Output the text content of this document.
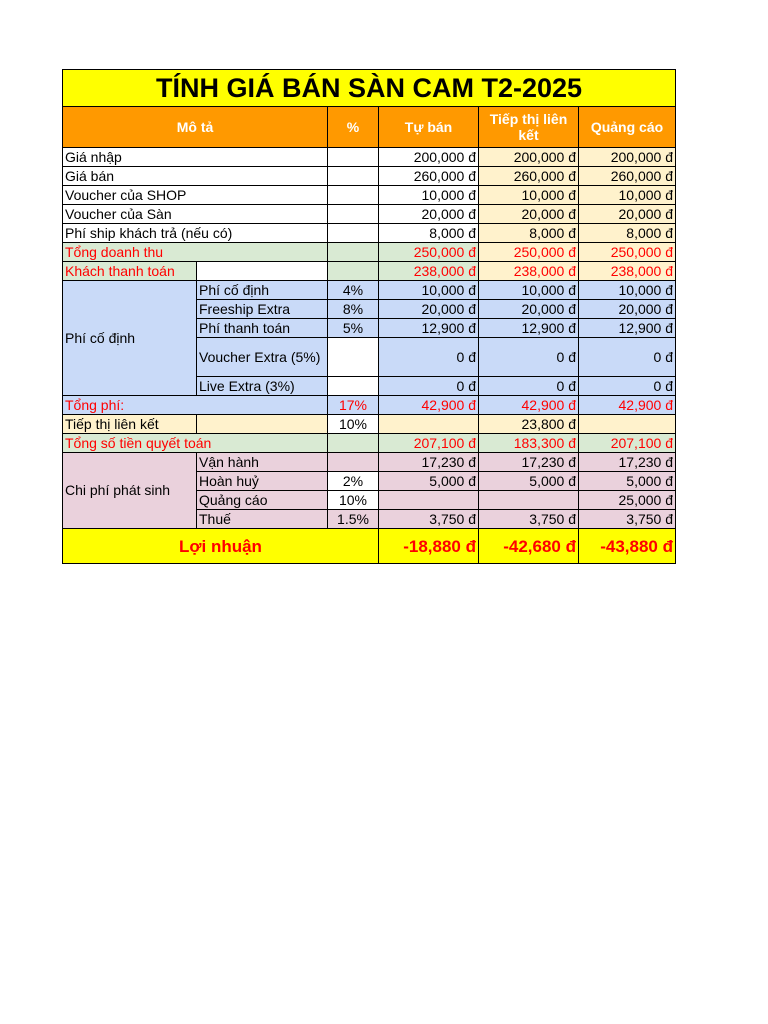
TÍNH GIÁ BÁN SÀN CAM T2-2025					
Mô tả		%	Tự bán	Tiếp thị liên kết	Quảng cáo
Giá nhập			200,000 đ	200,000 đ	200,000 đ
Giá bán			260,000 đ	260,000 đ	260,000 đ
Voucher của SHOP			10,000 đ	10,000 đ	10,000 đ
Voucher của Sàn			20,000 đ	20,000 đ	20,000 đ
Phí ship khách trả (nếu có)			8,000 đ	8,000 đ	8,000 đ
Tổng doanh thu			250,000 đ	250,000 đ	250,000 đ
Khách thanh toán			238,000 đ	238,000 đ	238,000 đ
Phí cố định	Phí cố định	4%	10,000 đ	10,000 đ	10,000 đ
	Freeship Extra	8%	20,000 đ	20,000 đ	20,000 đ
	Phí thanh toán	5%	12,900 đ	12,900 đ	12,900 đ
	Voucher Extra (5%)		0 đ	0 đ	0 đ
	Live Extra (3%)		0 đ	0 đ	0 đ
Tổng phí:		17%	42,900 đ	42,900 đ	42,900 đ
Tiếp thị liên kết		10%		23,800 đ	
Tổng số tiền quyết toán			207,100 đ	183,300 đ	207,100 đ
Chi phí phát sinh	Vận hành		17,230 đ	17,230 đ	17,230 đ
	Hoàn huỷ	2%	5,000 đ	5,000 đ	5,000 đ
	Quảng cáo	10%			25,000 đ
	Thuế	1.5%	3,750 đ	3,750 đ	3,750 đ
Lợi nhuận			-18,880 đ	-42,680 đ	-43,880 đ
